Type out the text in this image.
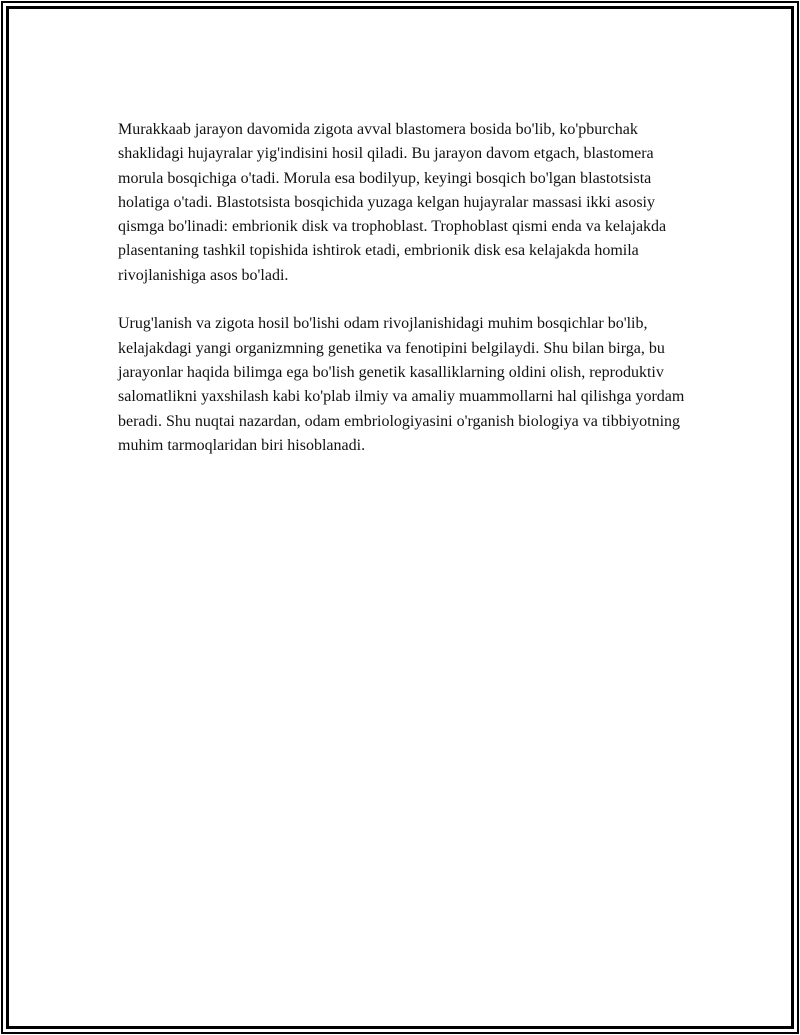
Murakkaab jarayon davomida zigota avval blastomera bosida bo'lib, ko'pburchak shaklidagi hujayralar yig'indisini hosil qiladi. Bu jarayon davom etgach, blastomera morula bosqichiga o'tadi. Morula esa bodilyup, keyingi bosqich bo'lgan blastotsista holatiga o'tadi. Blastotsista bosqichida yuzaga kelgan hujayralar massasi ikki asosiy qismga bo'linadi: embrionik disk va trophoblast. Trophoblast qismi enda va kelajakda plasentaning tashkil topishida ishtirok etadi, embrionik disk esa kelajakda homila rivojlanishiga asos bo'ladi.

Urug'lanish va zigota hosil bo'lishi odam rivojlanishidagi muhim bosqichlar bo'lib, kelajakdagi yangi organizmning genetika va fenotipini belgilaydi. Shu bilan birga, bu jarayonlar haqida bilimga ega bo'lish genetik kasalliklarning oldini olish, reproduktiv salomatlikni yaxshilash kabi ko'plab ilmiy va amaliy muammollarni hal qilishga yordam beradi. Shu nuqtai nazardan, odam embriologiyasini o'rganish biologiya va tibbiyotning muhim tarmoqlaridan biri hisoblanadi.
